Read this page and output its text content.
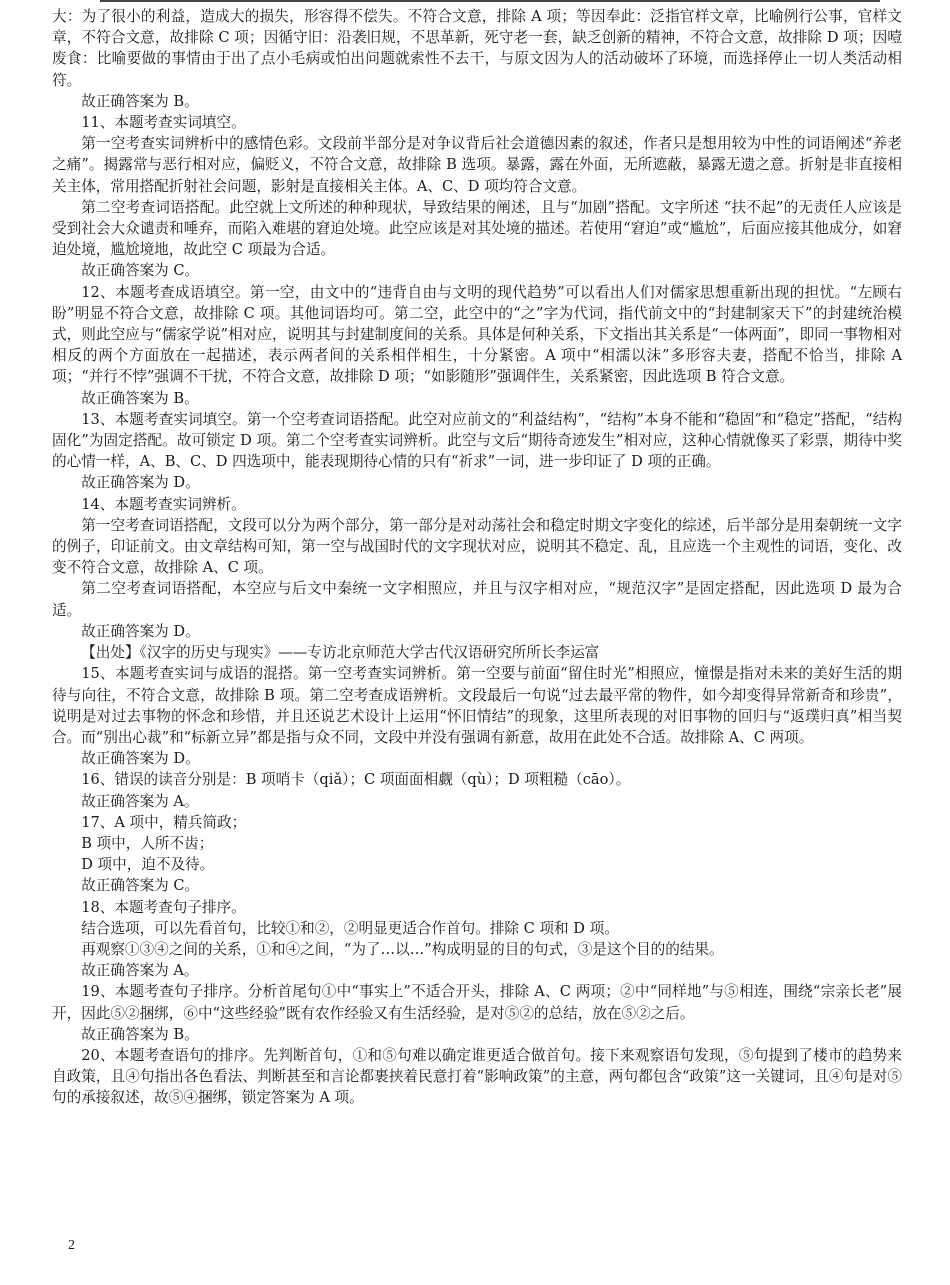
大：为了很小的利益，造成大的损失，形容得不偿失。不符合文意，排除 A 项；等因奉此：泛指官样文章，比喻例行公事，官样文章，不符合文意，故排除 C 项；因循守旧：沿袭旧规，不思革新，死守老一套，缺乏创新的精神，不符合文意，故排除 D 项；因噎废食：比喻要做的事情由于出了点小毛病或怕出问题就索性不去干，与原文因为人的活动破坏了环境，而选择停止一切人类活动相符。

故正确答案为 B。

11、本题考查实词填空。

第一空考查实词辨析中的感情色彩。文段前半部分是对争议背后社会道德因素的叙述，作者只是想用较为中性的词语阐述“养老之痛”。揭露常与恶行相对应，偏贬义，不符合文意，故排除 B 选项。暴露，露在外面，无所遮蔽，暴露无遗之意。折射是非直接相关主体，常用搭配折射社会问题，影射是直接相关主体。A、C、D 项均符合文意。

第二空考查词语搭配。此空就上文所述的种种现状，导致结果的阐述，且与“加剧”搭配。文字所述 “扶不起”的无责任人应该是受到社会大众谴责和唾弃，而陷入难堪的窘迫处境。此空应该是对其处境的描述。若使用“窘迫”或“尴尬”，后面应接其他成分，如窘迫处境，尴尬境地，故此空 C 项最为合适。

故正确答案为 C。

12、本题考查成语填空。第一空，由文中的“违背自由与文明的现代趋势”可以看出人们对儒家思想重新出现的担忧。“左顾右盼”明显不符合文意，故排除 C 项。其他词语均可。第二空，此空中的“之”字为代词，指代前文中的“封建制家天下”的封建统治模式，则此空应与“儒家学说”相对应，说明其与封建制度间的关系。具体是何种关系，下文指出其关系是“一体两面”，即同一事物相对相反的两个方面放在一起描述，表示两者间的关系相伴相生，十分紧密。A 项中“相濡以沫”多形容夫妻，搭配不恰当，排除 A 项；“并行不悖”强调不干扰，不符合文意，故排除 D 项；“如影随形”强调伴生，关系紧密，因此选项 B 符合文意。

故正确答案为 B。

13、本题考查实词填空。第一个空考查词语搭配。此空对应前文的“利益结构”，“结构”本身不能和“稳固”和“稳定”搭配，“结构固化”为固定搭配。故可锁定 D 项。第二个空考查实词辨析。此空与文后“期待奇迹发生”相对应，这种心情就像买了彩票，期待中奖的心情一样，A、B、C、D 四选项中，能表现期待心情的只有“祈求”一词，进一步印证了 D 项的正确。

故正确答案为 D。

14、本题考查实词辨析。

第一空考查词语搭配，文段可以分为两个部分，第一部分是对动荡社会和稳定时期文字变化的综述，后半部分是用秦朝统一文字的例子，印证前文。由文章结构可知，第一空与战国时代的文字现状对应，说明其不稳定、乱，且应选一个主观性的词语，变化、改变不符合文意，故排除 A、C 项。

第二空考查词语搭配，本空应与后文中秦统一文字相照应，并且与汉字相对应，“规范汉字”是固定搭配，因此选项 D 最为合适。

故正确答案为 D。

【出处】《汉字的历史与现实》——专访北京师范大学古代汉语研究所所长李运富

15、本题考查实词与成语的混搭。第一空考查实词辨析。第一空要与前面“留住时光”相照应，憧憬是指对未来的美好生活的期待与向往，不符合文意，故排除 B 项。第二空考查成语辨析。文段最后一句说“过去最平常的物件，如今却变得异常新奇和珍贵”，说明是对过去事物的怀念和珍惜，并且还说艺术设计上运用“怀旧情结”的现象，这里所表现的对旧事物的回归与“返璞归真”相当契合。而“别出心裁”和“标新立异”都是指与众不同，文段中并没有强调有新意，故用在此处不合适。故排除 A、C 两项。

故正确答案为 D。

16、错误的读音分别是：B 项哨卡（qiǎ）；C 项面面相觑（qù）；D 项粗糙（cāo）。

故正确答案为 A。

17、A 项中，精兵简政；

B 项中，人所不齿；

D 项中，迫不及待。

故正确答案为 C。

18、本题考查句子排序。

结合选项，可以先看首句，比较①和②，②明显更适合作首句。排除 C 项和 D 项。

再观察①③④之间的关系，①和④之间，“为了…以…”构成明显的目的句式，③是这个目的的结果。

故正确答案为 A。

19、本题考查句子排序。分析首尾句①中“事实上”不适合开头，排除 A、C 两项；②中“同样地”与⑤相连，围绕“宗亲长老”展开，因此⑤②捆绑，⑥中“这些经验”既有农作经验又有生活经验，是对⑤②的总结，放在⑤②之后。

故正确答案为 B。

20、本题考查语句的排序。先判断首句，①和⑤句难以确定谁更适合做首句。接下来观察语句发现，⑤句提到了楼市的趋势来自政策，且④句指出各色看法、判断甚至和言论都裹挟着民意打着“影响政策”的主意，两句都包含“政策”这一关键词，且④句是对⑤句的承接叙述，故⑤④捆绑，锁定答案为 A 项。

2
